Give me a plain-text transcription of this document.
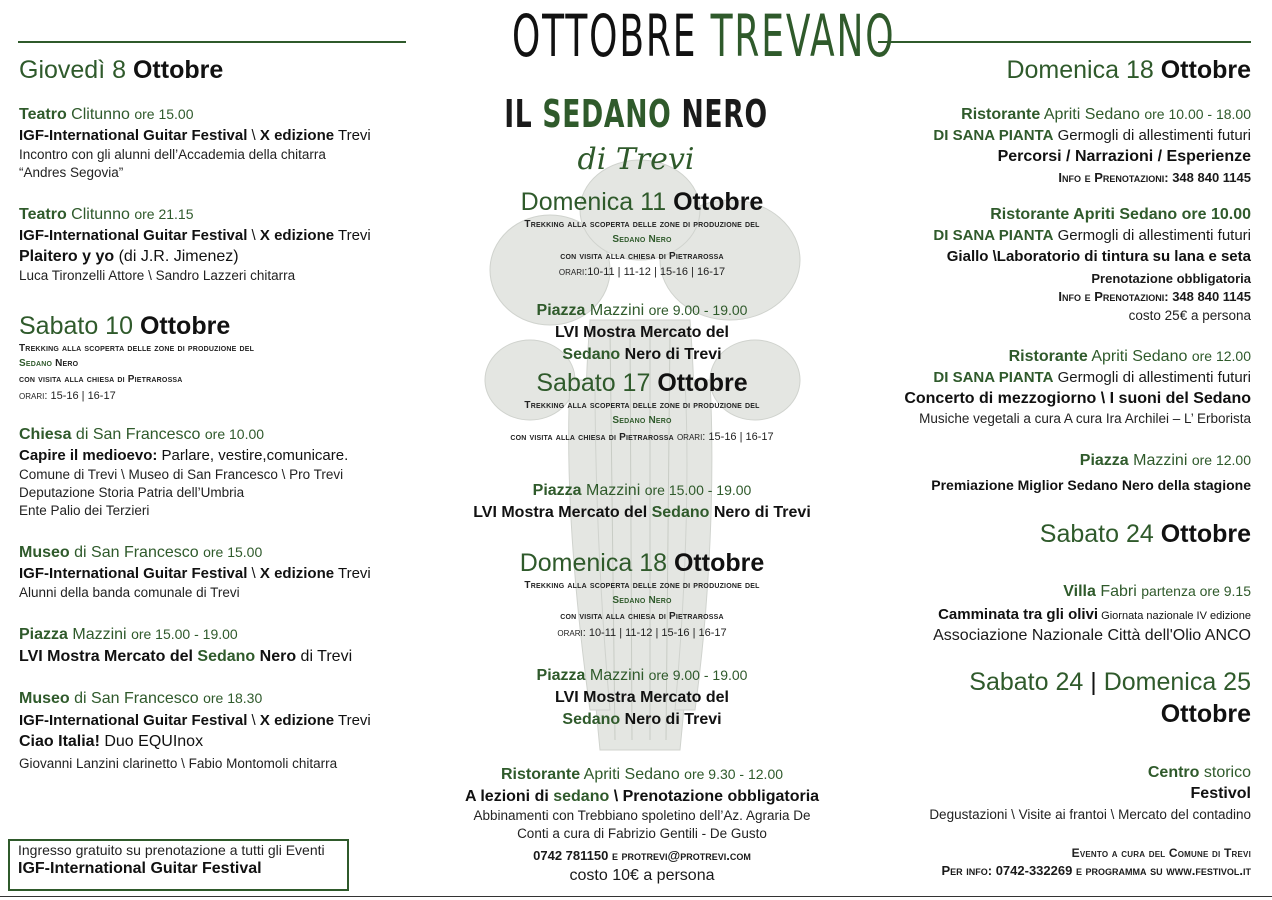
OTTOBRE TREVANO
IL SEDANO NERO
di Trevi
Giovedì 8 Ottobre
Teatro Clitunno ore 15.00
IGF-International Guitar Festival \ X edizione Trevi
Incontro con gli alunni dell’Accademia della chitarra
“Andres Segovia”
Teatro Clitunno ore 21.15
IGF-International Guitar Festival \ X edizione Trevi
Plaitero y yo (di J.R. Jimenez)
Luca Tironzelli Attore \ Sandro Lazzeri chitarra
Sabato 10 Ottobre
Trekking alla scoperta delle zone di produzione del
Sedano Nero
con visita alla chiesa di Pietrarossa
orari: 15-16 | 16-17
Chiesa di San Francesco ore 10.00
Capire il medioevo: Parlare, vestire,comunicare.
Comune di Trevi \ Museo di San Francesco \ Pro Trevi
Deputazione Storia Patria dell’Umbria
Ente Palio dei Terzieri
Museo di San Francesco ore 15.00
IGF-International Guitar Festival \ X edizione Trevi
Alunni della banda comunale di Trevi
Piazza Mazzini ore 15.00 - 19.00
LVI Mostra Mercato del Sedano Nero di Trevi
Museo di San Francesco ore 18.30
IGF-International Guitar Festival \ X edizione Trevi
Ciao Italia! Duo EQUInox
Giovanni Lanzini clarinetto \ Fabio Montomoli chitarra
Ingresso gratuito su prenotazione a tutti gli Eventi
IGF-International Guitar Festival
Domenica 11 Ottobre
Trekking alla scoperta delle zone di produzione del
Sedano Nero
con visita alla chiesa di Pietrarossa
orari:10-11 | 11-12 | 15-16 | 16-17
Piazza Mazzini ore 9.00 - 19.00
LVI Mostra Mercato del
Sedano Nero di Trevi
Sabato 17 Ottobre
Trekking alla scoperta delle zone di produzione del
Sedano Nero
con visita alla chiesa di Pietrarossa orari: 15-16 | 16-17
Piazza Mazzini ore 15.00 - 19.00
LVI Mostra Mercato del Sedano Nero di Trevi
Domenica 18 Ottobre
Trekking alla scoperta delle zone di produzione del
Sedano Nero
con visita alla chiesa di Pietrarossa
orari: 10-11 | 11-12 | 15-16 | 16-17
Piazza Mazzini ore 9.00 - 19.00
LVI Mostra Mercato del
Sedano Nero di Trevi
Ristorante Apriti Sedano ore 9.30 - 12.00
A lezioni di sedano \ Prenotazione obbligatoria
Abbinamenti con Trebbiano spoletino dell’Az. Agraria De
Conti a cura di Fabrizio Gentili - De Gusto
0742 781150 e protrevi@protrevi.com
costo 10€ a persona
Domenica 18 Ottobre
Ristorante Apriti Sedano ore 10.00 - 18.00
DI SANA PIANTA Germogli di allestimenti futuri
Percorsi / Narrazioni / Esperienze
Info e Prenotazioni: 348 840 1145
Ristorante Apriti Sedano ore 10.00
DI SANA PIANTA Germogli di allestimenti futuri
Giallo \Laboratorio di tintura su lana e seta
Prenotazione obbligatoria
Info e Prenotazioni: 348 840 1145
costo 25€ a persona
Ristorante Apriti Sedano ore 12.00
DI SANA PIANTA Germogli di allestimenti futuri
Concerto di mezzogiorno \ I suoni del Sedano
Musiche vegetali a cura A cura Ira Archilei – L’ Erborista
Piazza Mazzini ore 12.00
Premiazione Miglior Sedano Nero della stagione
Sabato 24 Ottobre
Villa Fabri partenza ore 9.15
Camminata tra gli olivi Giornata nazionale IV edizione
Associazione Nazionale Città dell'Olio ANCO
Sabato 24 | Domenica 25
Ottobre
Centro storico
Festivol
Degustazioni \ Visite ai frantoi \ Mercato del contadino
Evento a cura del Comune di Trevi
Per info: 0742-332269 e programma su www.festivol.it
